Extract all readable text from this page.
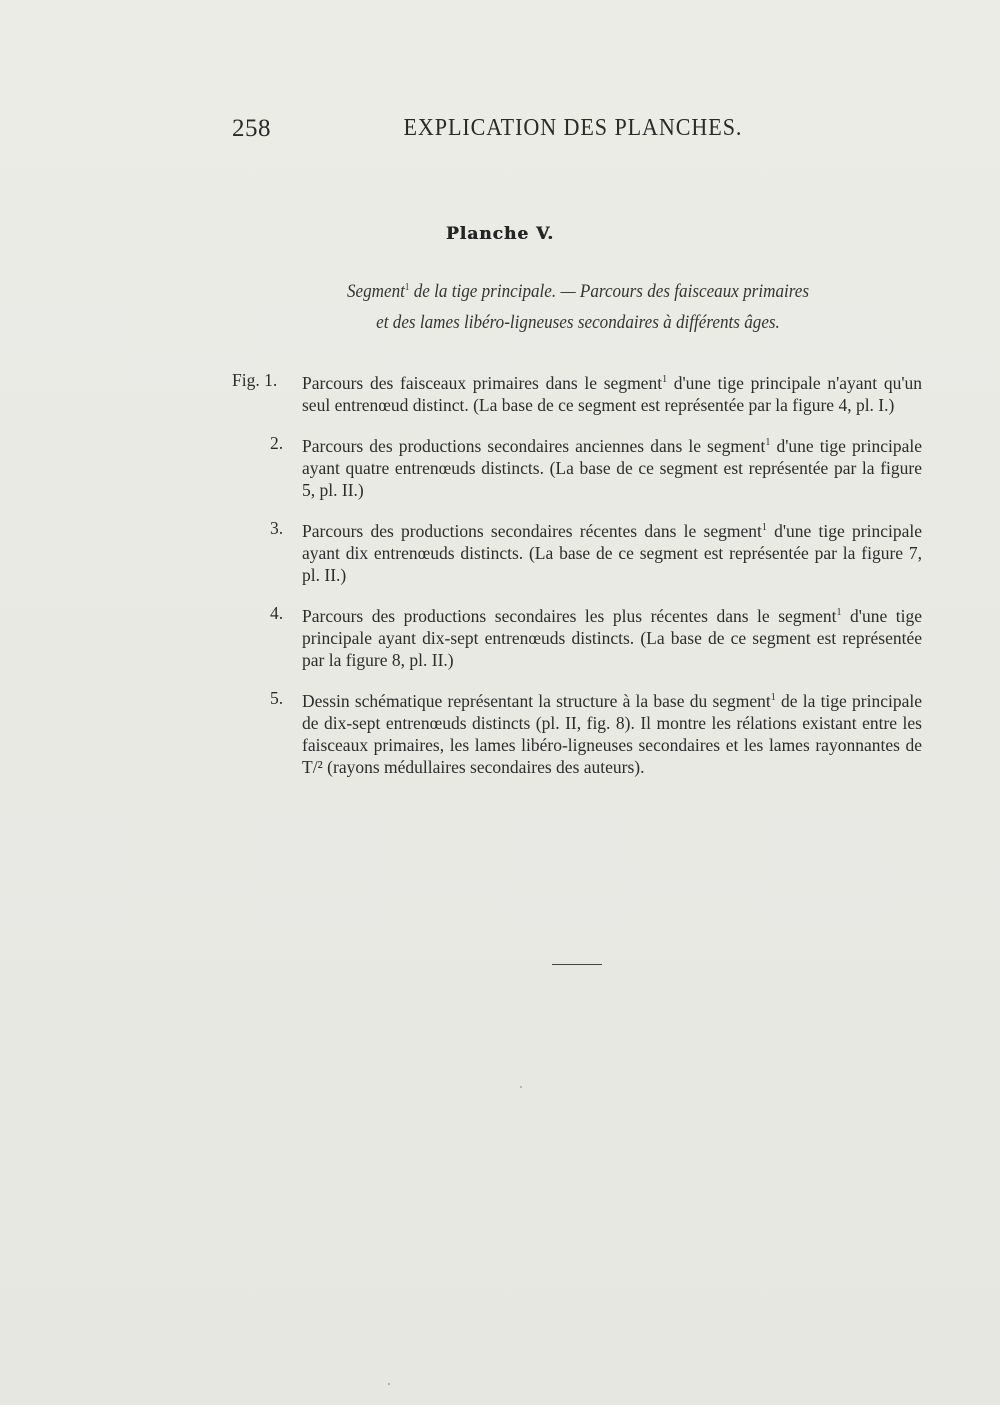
258	EXPLICATION DES PLANCHES.
Planche V.
Segment$^1$ de la tige principale. — Parcours des faisceaux primaires
et des lames libéro-ligneuses secondaires à différents âges.
Fig. 1. Parcours des faisceaux primaires dans le segment$^1$ d'une tige principale n'ayant qu'un seul entrenœud distinct. (La base de ce segment est représentée par la figure 4, pl. I.)
2. Parcours des productions secondaires anciennes dans le segment$^1$ d'une tige principale ayant quatre entrenœuds distincts. (La base de ce segment est représentée par la figure 5, pl. II.)
3. Parcours des productions secondaires récentes dans le segment$^1$ d'une tige principale ayant dix entrenœuds distincts. (La base de ce segment est représentée par la figure 7, pl. II.)
4. Parcours des productions secondaires les plus récentes dans le segment$^1$ d'une tige principale ayant dix-sept entrenœuds distincts. (La base de ce segment est représentée par la figure 8, pl. II.)
5. Dessin schématique représentant la structure à la base du segment$^1$ de la tige principale de dix-sept entrenœuds distincts (pl. II, fig. 8). Il montre les rélations existant entre les faisceaux primaires, les lames libéro-ligneuses secondaires et les lames rayonnantes de T/² (rayons médullaires secondaires des auteurs).
